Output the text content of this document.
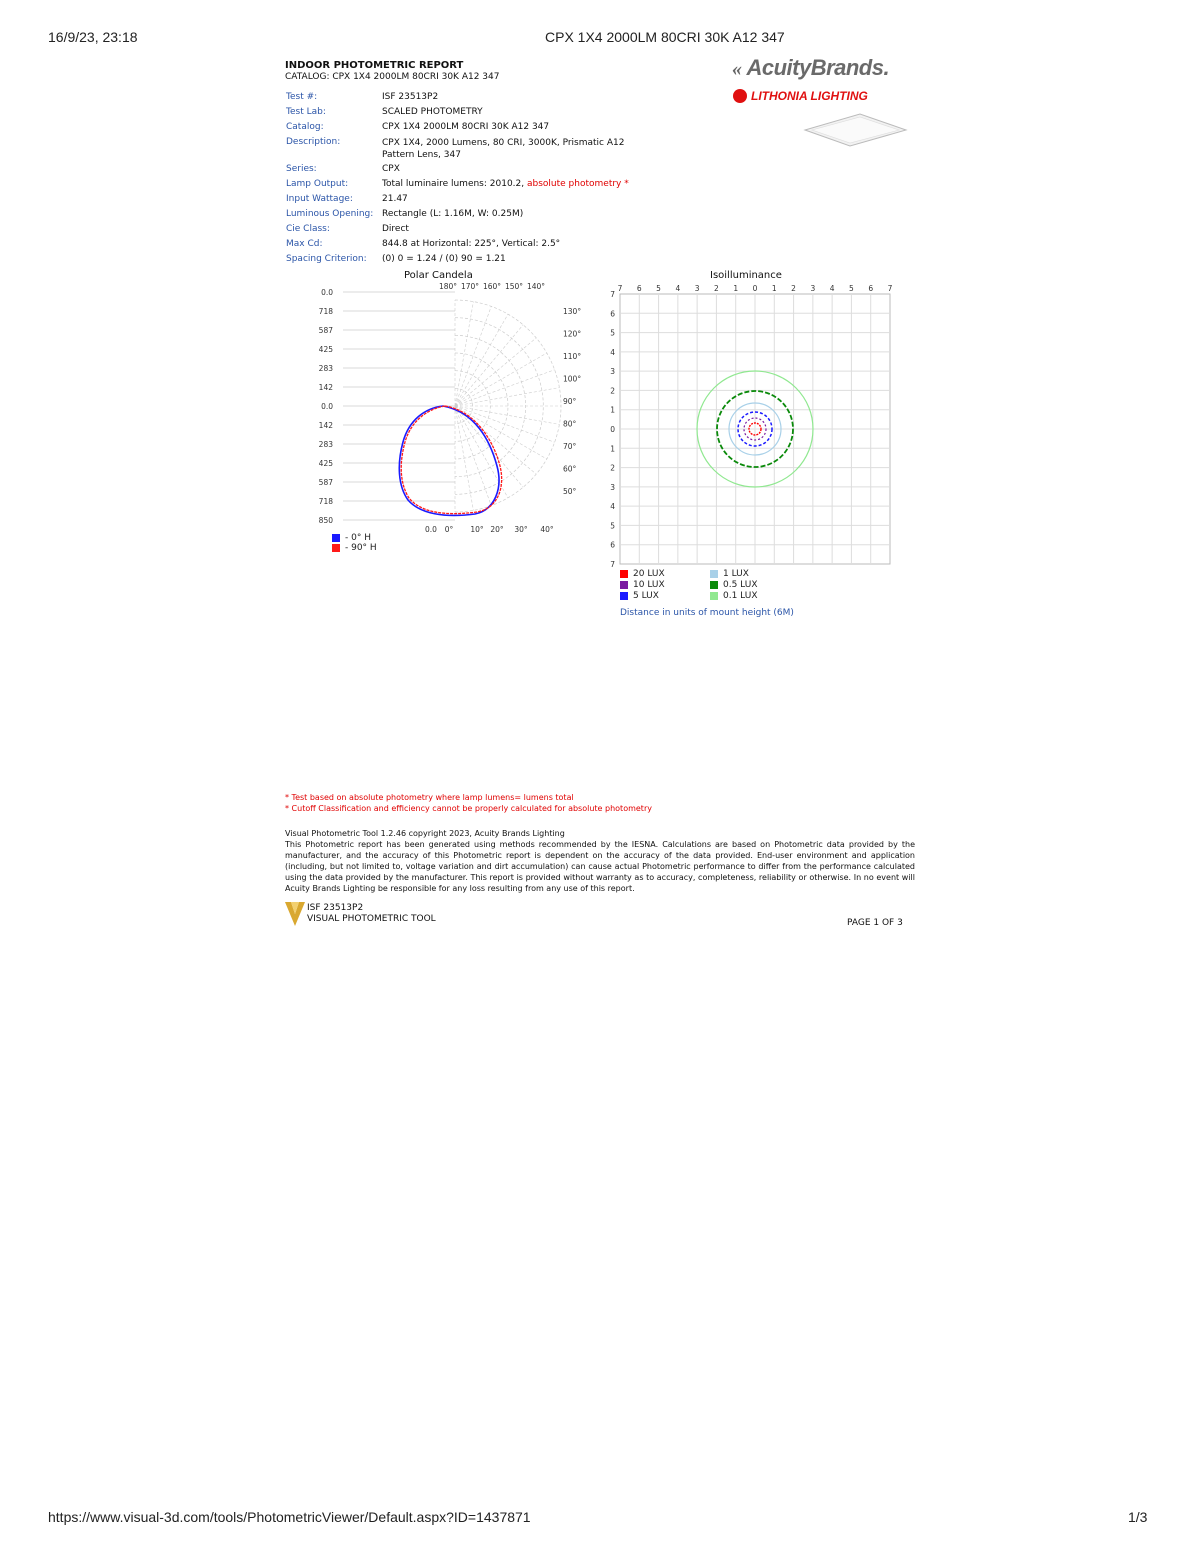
16/9/23, 23:18	CPX 1X4 2000LM 80CRI 30K A12 347
INDOOR PHOTOMETRIC REPORT
CATALOG: CPX 1X4 2000LM 80CRI 30K A12 347	« AcuityBrands.
LITHONIA LIGHTING
Test #:	ISF 23513P2
Test Lab:	SCALED PHOTOMETRY
Catalog:	CPX 1X4 2000LM 80CRI 30K A12 347
Description:	CPX 1X4, 2000 Lumens, 80 CRI, 3000K, Prismatic A12 Pattern Lens, 347
Series:	CPX
Lamp Output:	Total luminaire lumens: 2010.2, absolute photometry *
Input Wattage:	21.47
Luminous Opening: Rectangle (L: 1.16M, W: 0.25M)
Cie Class:	Direct
Max Cd:	844.8 at Horizontal: 225°, Vertical: 2.5°
Spacing Criterion:	(0) 0 = 1.24 / (0) 90 = 1.21
Polar Candela
0.0
718
587
425
283
142
0.0
142
283
425
587
718
850
180° 170° 160° 150° 140°
130°
120°
110°
100°
90°
80°
70°
60°
50°
0.0 0° 10° 20° 30° 40°
- 0° H
- 90° H
Isoilluminance
7 6 5 4 3 2 1 0 1 2 3 4 5 6 7
7
6
5
4
3
2
1
0
1
2
3
4
5
6
7
20 LUX	1 LUX
10 LUX	0.5 LUX
5 LUX	0.1 LUX
Distance in units of mount height (6M)
* Test based on absolute photometry where lamp lumens= lumens total
* Cutoff Classification and efficiency cannot be properly calculated for absolute photometry
Visual Photometric Tool 1.2.46 copyright 2023, Acuity Brands Lighting
This Photometric report has been generated using methods recommended by the IESNA. Calculations are based on Photometric data provided by the manufacturer, and the accuracy of this Photometric report is dependent on the accuracy of the data provided. End-user environment and application (including, but not limited to, voltage variation and dirt accumulation) can cause actual Photometric performance to differ from the performance calculated using the data provided by the manufacturer. This report is provided without warranty as to accuracy, completeness, reliability or otherwise. In no event will Acuity Brands Lighting be responsible for any loss resulting from any use of this report.
ISF 23513P2
VISUAL PHOTOMETRIC TOOL	PAGE 1 OF 3
https://www.visual-3d.com/tools/PhotometricViewer/Default.aspx?ID=1437871	1/3
